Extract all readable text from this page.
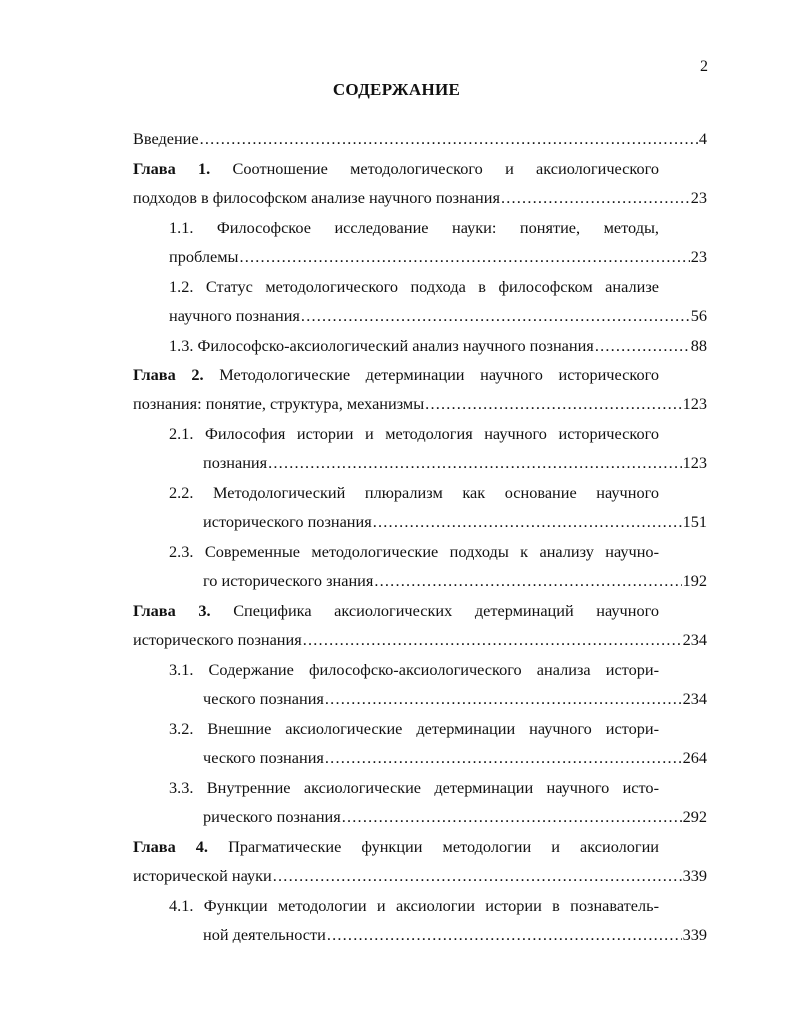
2
СОДЕРЖАНИЕ
Введение .....	4
Глава 1. Соотношение методологического и аксиологического
подходов в философском анализе научного познания .....	23
1.1. Философское исследование науки: понятие, методы,
проблемы .....	23
1.2. Статус методологического подхода в философском анализе
научного познания .....	56
1.3. Философско-аксиологический анализ научного познания .....	88
Глава 2. Методологические детерминации научного исторического
познания: понятие, структура, механизмы .....	123
2.1. Философия истории и методология научного исторического
познания .....	123
2.2. Методологический плюрализм как основание научного
исторического познания .....	151
2.3. Современные методологические подходы к анализу научно-
го исторического знания .....	192
Глава 3. Специфика аксиологических детерминаций научного
исторического познания .....	234
3.1. Содержание философско-аксиологического анализа истори-
ческого познания .....	234
3.2. Внешние аксиологические детерминации научного истори-
ческого познания .....	264
3.3. Внутренние аксиологические детерминации научного исто-
рического познания .....	292
Глава 4. Прагматические функции методологии и аксиологии
исторической науки .....	339
4.1. Функции методологии и аксиологии истории в познаватель-
ной деятельности .....	339
